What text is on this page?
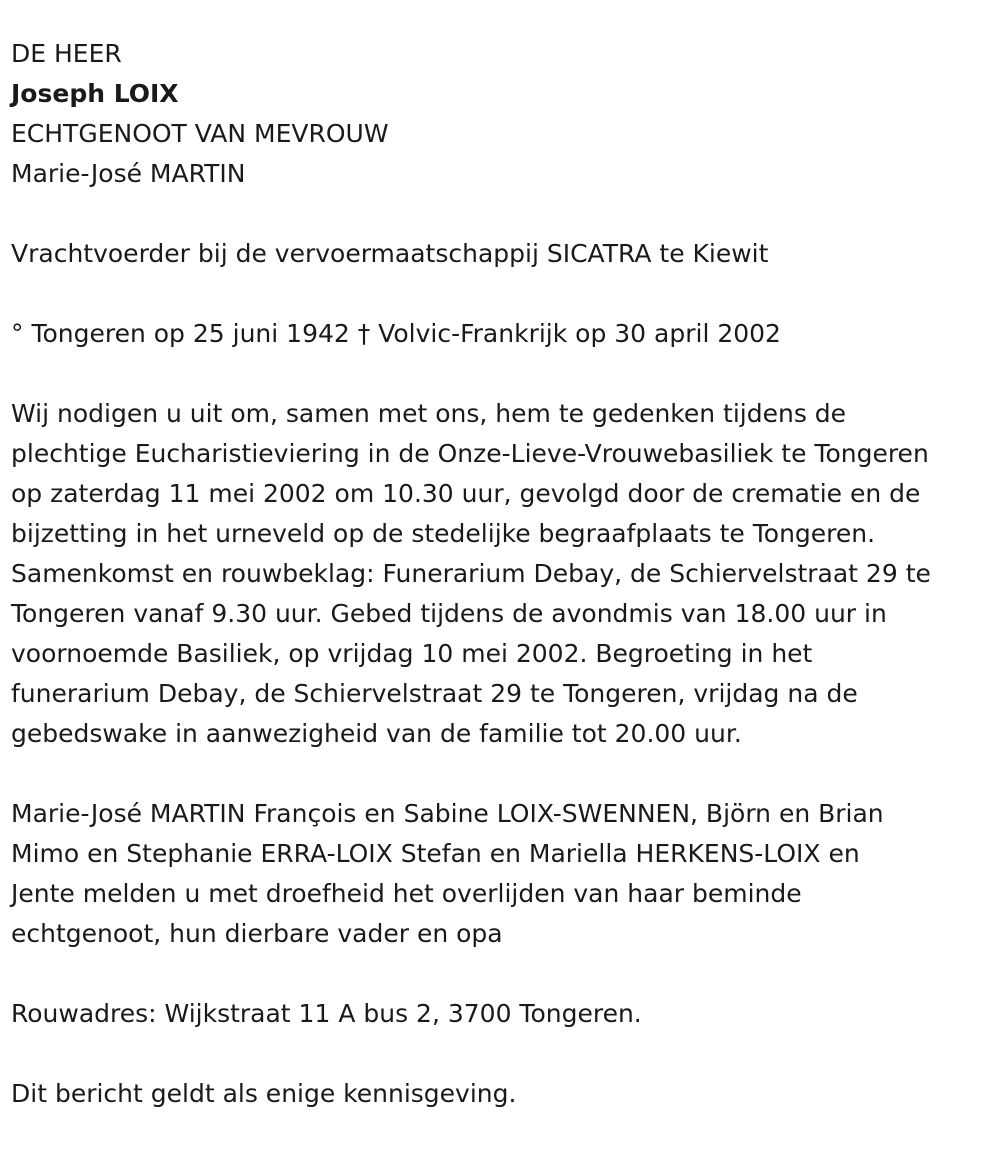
DE HEER
Joseph LOIX
ECHTGENOOT VAN MEVROUW
Marie-José MARTIN
Vrachtvoerder bij de vervoermaatschappij SICATRA te Kiewit
° Tongeren op 25 juni 1942 † Volvic-Frankrijk op 30 april 2002
Wij nodigen u uit om, samen met ons, hem te gedenken tijdens de
plechtige Eucharistieviering in de Onze-Lieve-Vrouwebasiliek te Tongeren
op zaterdag 11 mei 2002 om 10.30 uur, gevolgd door de crematie en de
bijzetting in het urneveld op de stedelijke begraafplaats te Tongeren.
Samenkomst en rouwbeklag: Funerarium Debay, de Schiervelstraat 29 te
Tongeren vanaf 9.30 uur. Gebed tijdens de avondmis van 18.00 uur in
voornoemde Basiliek, op vrijdag 10 mei 2002. Begroeting in het
funerarium Debay, de Schiervelstraat 29 te Tongeren, vrijdag na de
gebedswake in aanwezigheid van de familie tot 20.00 uur.
Marie-José MARTIN François en Sabine LOIX-SWENNEN, Björn en Brian
Mimo en Stephanie ERRA-LOIX Stefan en Mariella HERKENS-LOIX en
Jente melden u met droefheid het overlijden van haar beminde
echtgenoot, hun dierbare vader en opa
Rouwadres: Wijkstraat 11 A bus 2, 3700 Tongeren.
Dit bericht geldt als enige kennisgeving.
